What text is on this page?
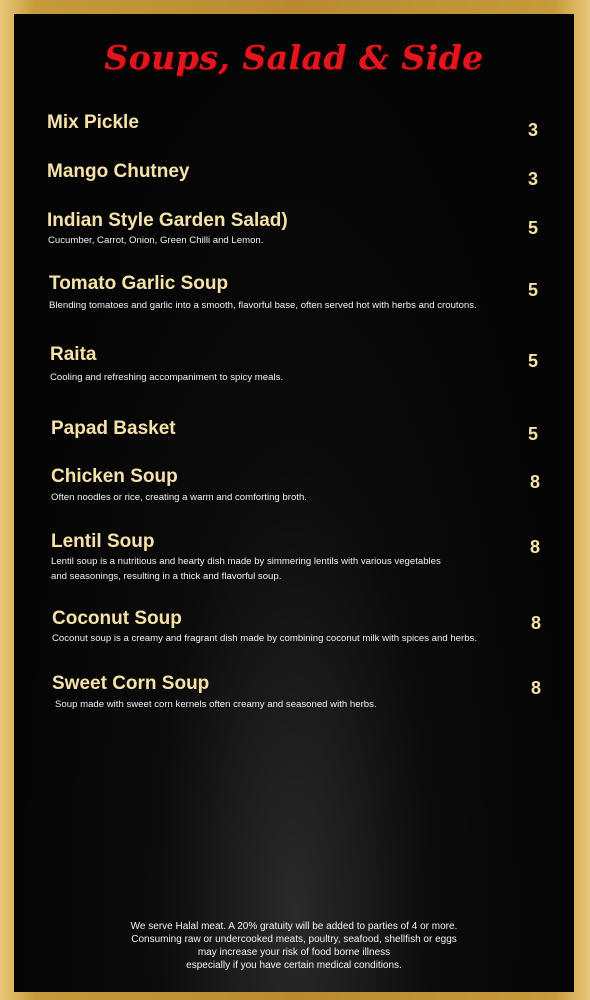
Soups, Salad & Side
Mix Pickle	3
Mango Chutney	3
Indian Style Garden Salad)
Cucumber, Carrot, Onion, Green Chilli and Lemon.
5
Tomato Garlic Soup
Blending tomatoes and garlic into a smooth, flavorful base, often served hot with herbs and croutons.
5
Raita
Cooling and refreshing accompaniment to spicy meals.
5
Papad Basket	5
Chicken Soup
Often noodles or rice, creating a warm and comforting broth.
8
Lentil Soup
Lentil soup is a nutritious and hearty dish made by simmering lentils with various vegetables
and seasonings, resulting in a thick and flavorful soup.
8
Coconut Soup
Coconut soup is a creamy and fragrant dish made by combining coconut milk with spices and herbs.
8
Sweet Corn Soup
Soup made with sweet corn kernels often creamy and seasoned with herbs.
8
We serve Halal meat. A 20% gratuity will be added to parties of 4 or more.
Consuming raw or undercooked meats, poultry, seafood, shellfish or eggs
may increase your risk of food borne illness
especially if you have certain medical conditions.
